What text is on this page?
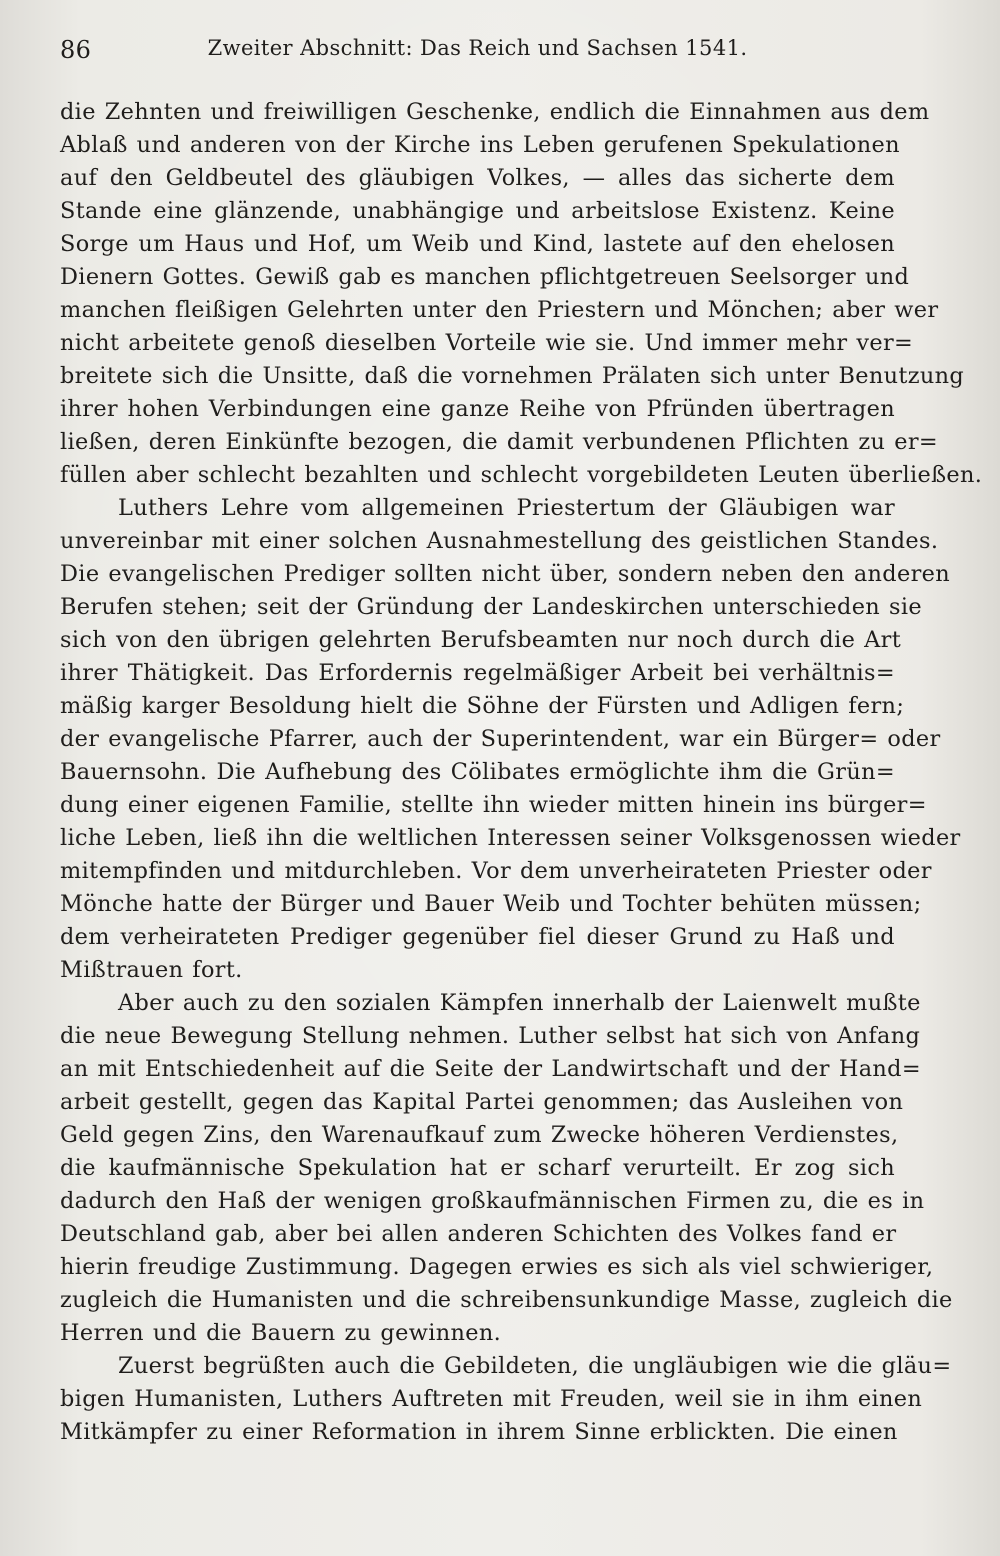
86	Zweiter Abschnitt: Das Reich und Sachsen 1541.
die Zehnten und freiwilligen Geschenke, endlich die Einnahmen aus dem
Ablaß und anderen von der Kirche ins Leben gerufenen Spekulationen
auf den Geldbeutel des gläubigen Volkes, — alles das sicherte dem
Stande eine glänzende, unabhängige und arbeitslose Existenz. Keine
Sorge um Haus und Hof, um Weib und Kind, lastete auf den ehelosen
Dienern Gottes. Gewiß gab es manchen pflichtgetreuen Seelsorger und
manchen fleißigen Gelehrten unter den Priestern und Mönchen; aber wer
nicht arbeitete genoß dieselben Vorteile wie sie. Und immer mehr ver=
breitete sich die Unsitte, daß die vornehmen Prälaten sich unter Benutzung
ihrer hohen Verbindungen eine ganze Reihe von Pfründen übertragen
ließen, deren Einkünfte bezogen, die damit verbundenen Pflichten zu er=
füllen aber schlecht bezahlten und schlecht vorgebildeten Leuten überließen.
Luthers Lehre vom allgemeinen Priestertum der Gläubigen war
unvereinbar mit einer solchen Ausnahmestellung des geistlichen Standes.
Die evangelischen Prediger sollten nicht über, sondern neben den anderen
Berufen stehen; seit der Gründung der Landeskirchen unterschieden sie
sich von den übrigen gelehrten Berufsbeamten nur noch durch die Art
ihrer Thätigkeit. Das Erfordernis regelmäßiger Arbeit bei verhältnis=
mäßig karger Besoldung hielt die Söhne der Fürsten und Adligen fern;
der evangelische Pfarrer, auch der Superintendent, war ein Bürger= oder
Bauernsohn. Die Aufhebung des Cölibates ermöglichte ihm die Grün=
dung einer eigenen Familie, stellte ihn wieder mitten hinein ins bürger=
liche Leben, ließ ihn die weltlichen Interessen seiner Volksgenossen wieder
mitempfinden und mitdurchleben. Vor dem unverheirateten Priester oder
Mönche hatte der Bürger und Bauer Weib und Tochter behüten müssen;
dem verheirateten Prediger gegenüber fiel dieser Grund zu Haß und
Mißtrauen fort.
Aber auch zu den sozialen Kämpfen innerhalb der Laienwelt mußte
die neue Bewegung Stellung nehmen. Luther selbst hat sich von Anfang
an mit Entschiedenheit auf die Seite der Landwirtschaft und der Hand=
arbeit gestellt, gegen das Kapital Partei genommen; das Ausleihen von
Geld gegen Zins, den Warenaufkauf zum Zwecke höheren Verdienstes,
die kaufmännische Spekulation hat er scharf verurteilt. Er zog sich
dadurch den Haß der wenigen großkaufmännischen Firmen zu, die es in
Deutschland gab, aber bei allen anderen Schichten des Volkes fand er
hierin freudige Zustimmung. Dagegen erwies es sich als viel schwieriger,
zugleich die Humanisten und die schreibensunkundige Masse, zugleich die
Herren und die Bauern zu gewinnen.
Zuerst begrüßten auch die Gebildeten, die ungläubigen wie die gläu=
bigen Humanisten, Luthers Auftreten mit Freuden, weil sie in ihm einen
Mitkämpfer zu einer Reformation in ihrem Sinne erblickten. Die einen
